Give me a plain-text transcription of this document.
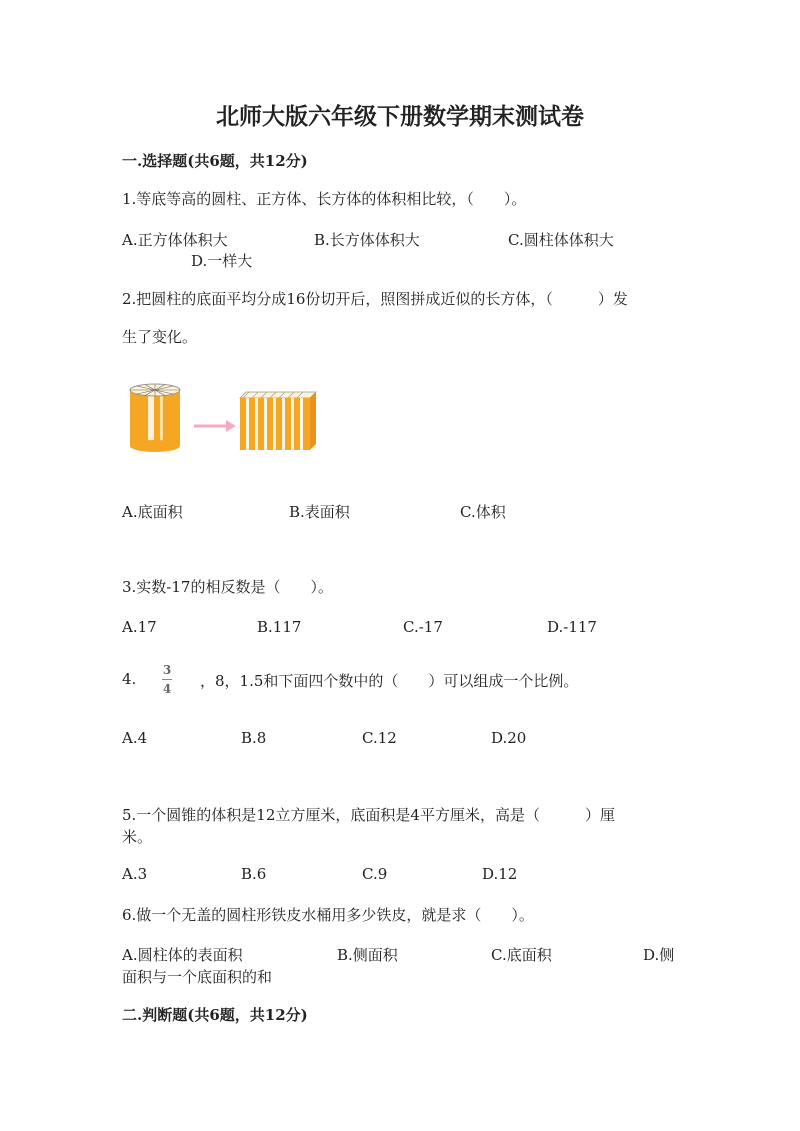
北师大版六年级下册数学期末测试卷
一.选择题(共6题，共12分)
1.等底等高的圆柱、正方体、长方体的体积相比较，（　　）。
A.正方体体积大	B.长方体体积大	C.圆柱体体积大
D.一样大
2.把圆柱的底面平均分成16份切开后，照图拼成近似的长方体，（　　　）发
生了变化。
A.底面积	B.表面积	C.体积
3.实数-17的相反数是（　　）。
A.17	B.117	C.-17	D.-117
4. 3
4 ，8，1.5和下面四个数中的（　　）可以组成一个比例。
A.4	B.8	C.12	D.20
5.一个圆锥的体积是12立方厘米，底面积是4平方厘米，高是（　　　）厘
米。
A.3	B.6	C.9	D.12
6.做一个无盖的圆柱形铁皮水桶用多少铁皮，就是求（　　）。
A.圆柱体的表面积	B.侧面积	C.底面积	D.侧
面积与一个底面积的和
二.判断题(共6题，共12分)
